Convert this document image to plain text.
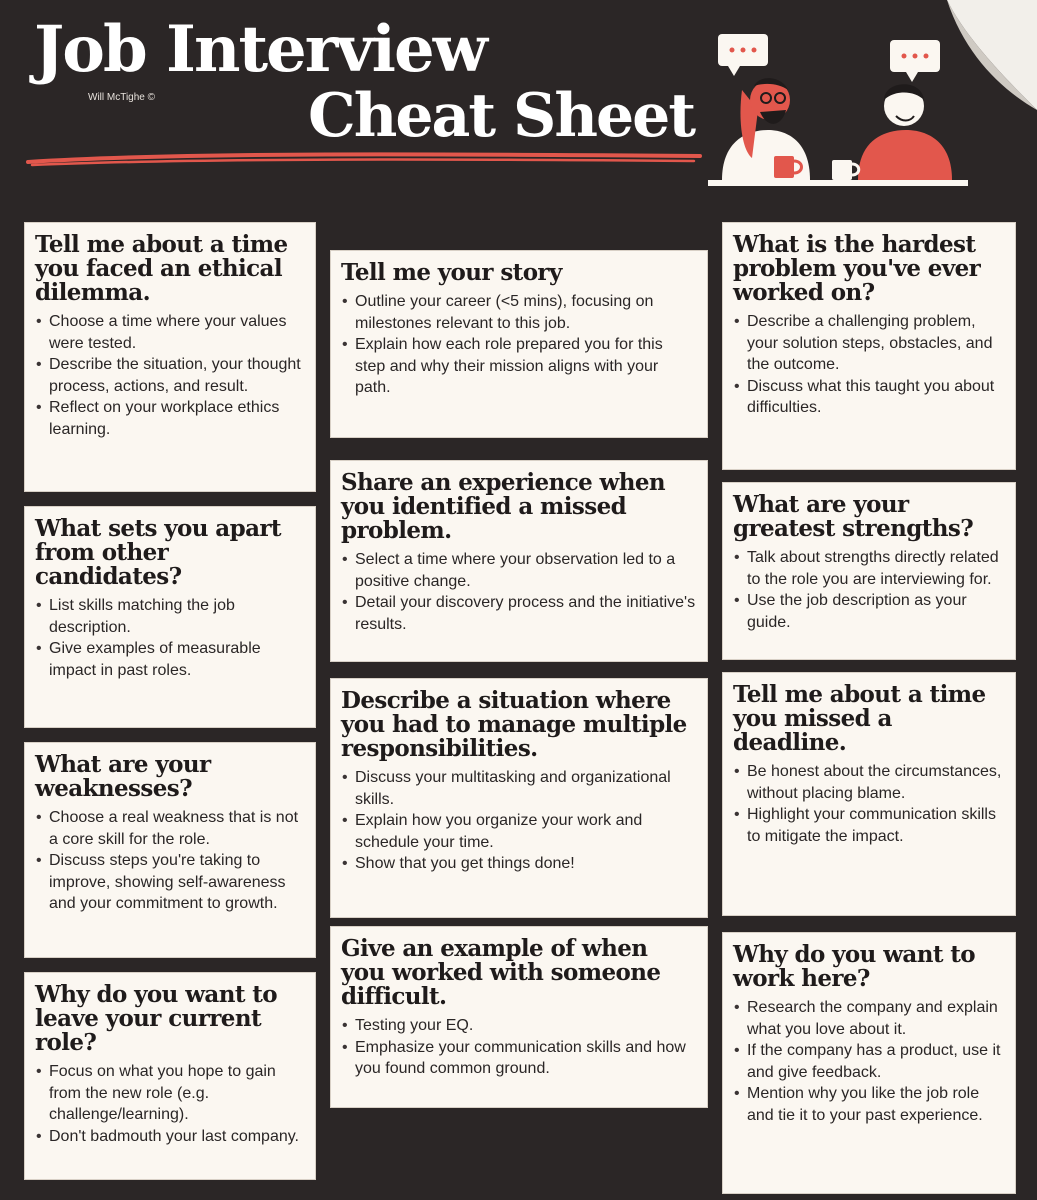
Job Interview
Will McTighe ©	Cheat Sheet
Tell me about a time you faced an ethical dilemma.
• Choose a time where your values were tested.
• Describe the situation, your thought process, actions, and result.
• Reflect on your workplace ethics learning.
What sets you apart from other candidates?
• List skills matching the job description.
• Give examples of measurable impact in past roles.
What are your weaknesses?
• Choose a real weakness that is not a core skill for the role.
• Discuss steps you're taking to improve, showing self-awareness and your commitment to growth.
Why do you want to leave your current role?
• Focus on what you hope to gain from the new role (e.g. challenge/learning).
• Don't badmouth your last company.
Tell me your story
• Outline your career (<5 mins), focusing on milestones relevant to this job.
• Explain how each role prepared you for this step and why their mission aligns with your path.
Share an experience when you identified a missed problem.
• Select a time where your observation led to a positive change.
• Detail your discovery process and the initiative's results.
Describe a situation where you had to manage multiple responsibilities.
• Discuss your multitasking and organizational skills.
• Explain how you organize your work and schedule your time.
• Show that you get things done!
Give an example of when you worked with someone difficult.
• Testing your EQ.
• Emphasize your communication skills and how you found common ground.
What is the hardest problem you've ever worked on?
• Describe a challenging problem, your solution steps, obstacles, and the outcome.
• Discuss what this taught you about difficulties.
What are your greatest strengths?
• Talk about strengths directly related to the role you are interviewing for.
• Use the job description as your guide.
Tell me about a time you missed a deadline.
• Be honest about the circumstances, without placing blame.
• Highlight your communication skills to mitigate the impact.
Why do you want to work here?
• Research the company and explain what you love about it.
• If the company has a product, use it and give feedback.
• Mention why you like the job role and tie it to your past experience.
